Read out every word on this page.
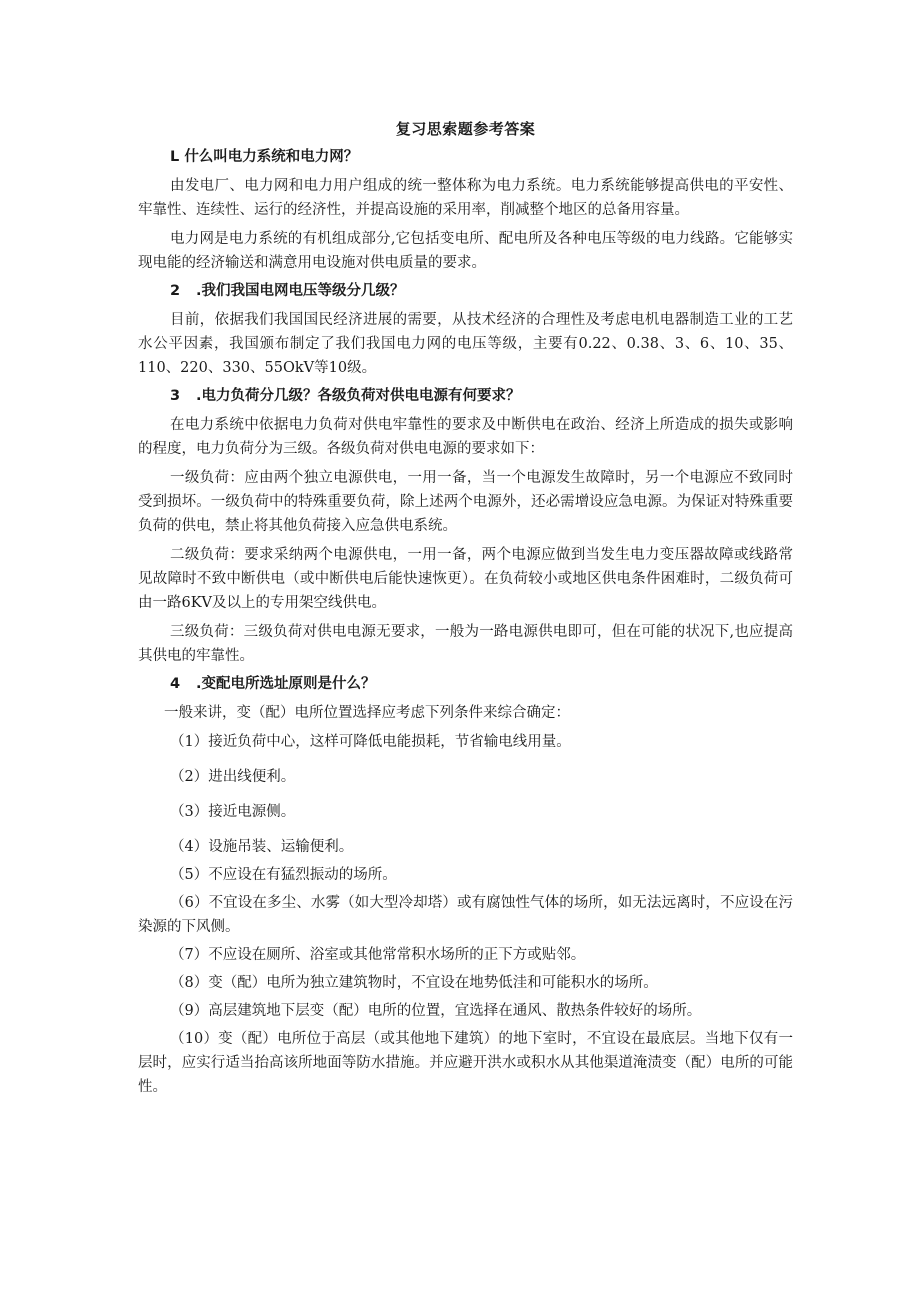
复习思索题参考答案
L 什么叫电力系统和电力网？

由发电厂、电力网和电力用户组成的统一整体称为电力系统。电力系统能够提高供电的平安性、牢靠性、连续性、运行的经济性，并提高设施的采用率，削减整个地区的总备用容量。

电力网是电力系统的有机组成部分,它包括变电所、配电所及各种电压等级的电力线路。它能够实现电能的经济输送和满意用电设施对供电质量的要求。

2 .我们我国电网电压等级分几级？

目前，依据我们我国国民经济进展的需要，从技术经济的合理性及考虑电机电器制造工业的工艺水公平因素，我国颁布制定了我们我国电力网的电压等级，主要有0.22、0.38、3、6、10、35、110、220、330、55OkV等10级。

3 .电力负荷分几级？各级负荷对供电电源有何要求？

在电力系统中依据电力负荷对供电牢靠性的要求及中断供电在政治、经济上所造成的损失或影响的程度，电力负荷分为三级。各级负荷对供电电源的要求如下：

一级负荷：应由两个独立电源供电，一用一备，当一个电源发生故障时，另一个电源应不致同时受到损坏。一级负荷中的特殊重要负荷，除上述两个电源外，还必需增设应急电源。为保证对特殊重要负荷的供电，禁止将其他负荷接入应急供电系统。

二级负荷：要求采纳两个电源供电，一用一备，两个电源应做到当发生电力变压器故障或线路常见故障时不致中断供电（或中断供电后能快速恢更）。在负荷较小或地区供电条件困难时，二级负荷可由一路6KV及以上的专用架空线供电。

三级负荷：三级负荷对供电电源无要求，一般为一路电源供电即可，但在可能的状况下,也应提高其供电的牢靠性。

4 .变配电所选址原则是什么？

一般来讲，变（配）电所位置选择应考虑下列条件来综合确定：

（1）接近负荷中心，这样可降低电能损耗，节省输电线用量。

（2）进出线便利。

（3）接近电源侧。

（4）设施吊装、运输便利。

（5）不应设在有猛烈振动的场所。

（6）不宜设在多尘、水雾（如大型冷却塔）或有腐蚀性气体的场所，如无法远离时，不应设在污染源的下风侧。

（7）不应设在厕所、浴室或其他常常积水场所的正下方或贴邻。

（8）变（配）电所为独立建筑物时，不宜设在地势低洼和可能积水的场所。

（9）高层建筑地下层变（配）电所的位置，宜选择在通风、散热条件较好的场所。

（10）变（配）电所位于高层（或其他地下建筑）的地下室时，不宜设在最底层。当地下仅有一层时，应实行适当抬高该所地面等防水措施。并应避开洪水或积水从其他渠道淹渍变（配）电所的可能性。
